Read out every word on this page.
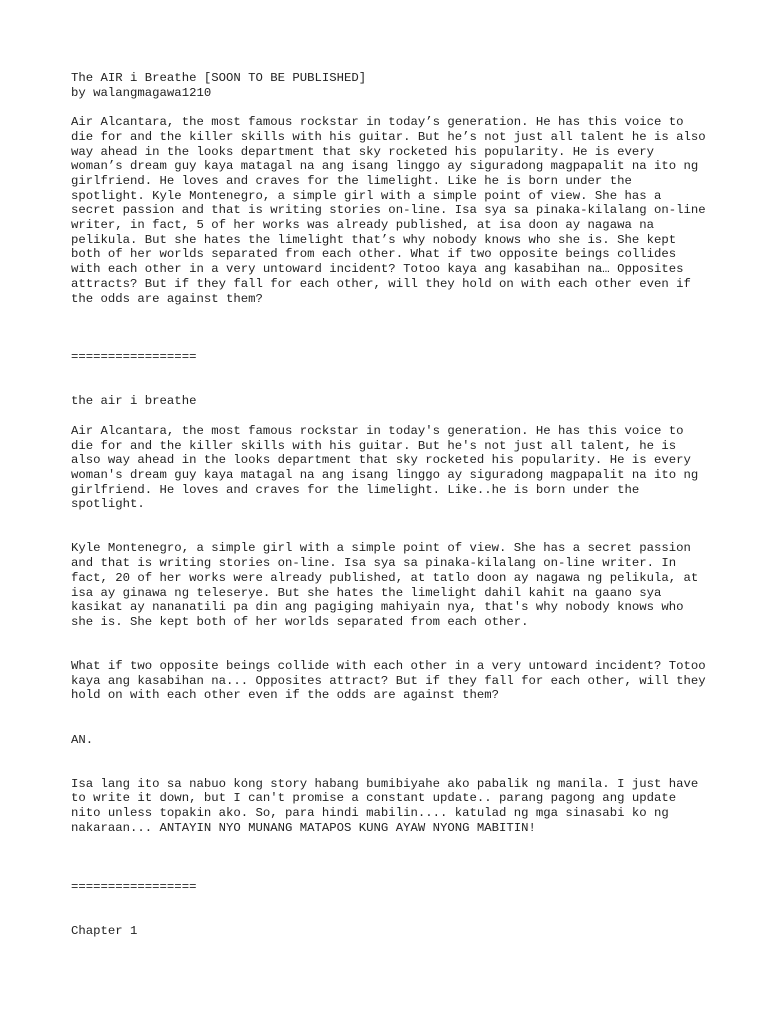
The AIR i Breathe [SOON TO BE PUBLISHED]

by walangmagawa1210

Air Alcantara, the most famous rockstar in today’s generation. He has this voice to die for and the killer skills with his guitar. But he’s not just all talent he is also way ahead in the looks department that sky rocketed his popularity. He is every woman’s dream guy kaya matagal na ang isang linggo ay siguradong magpapalit na ito ng girlfriend. He loves and craves for the limelight. Like he is born under the spotlight. Kyle Montenegro, a simple girl with a simple point of view. She has a secret passion and that is writing stories on-line. Isa sya sa pinaka-kilalang on-line writer, in fact, 5 of her works was already published, at isa doon ay nagawa na pelikula. But she hates the limelight that’s why nobody knows who she is. She kept both of her worlds separated from each other. What if two opposite beings collides with each other in a very untoward incident? Totoo kaya ang kasabihan na… Opposites attracts? But if they fall for each other, will they hold on with each other even if the odds are against them?

=================

the air i breathe

Air Alcantara, the most famous rockstar in today's generation. He has this voice to die for and the killer skills with his guitar. But he's not just all talent, he is also way ahead in the looks department that sky rocketed his popularity. He is every woman's dream guy kaya matagal na ang isang linggo ay siguradong magpapalit na ito ng girlfriend. He loves and craves for the limelight. Like..he is born under the spotlight.

Kyle Montenegro, a simple girl with a simple point of view. She has a secret passion and that is writing stories on-line. Isa sya sa pinaka-kilalang on-line writer. In fact, 20 of her works were already published, at tatlo doon ay nagawa ng pelikula, at isa ay ginawa ng teleserye. But she hates the limelight dahil kahit na gaano sya kasikat ay nananatili pa din ang pagiging mahiyain nya, that's why nobody knows who she is. She kept both of her worlds separated from each other.

What if two opposite beings collide with each other in a very untoward incident? Totoo kaya ang kasabihan na... Opposites attract? But if they fall for each other, will they hold on with each other even if the odds are against them?

AN.

Isa lang ito sa nabuo kong story habang bumibiyahe ako pabalik ng manila. I just have to write it down, but I can't promise a constant update.. parang pagong ang update nito unless topakin ako. So, para hindi mabilin.... katulad ng mga sinasabi ko ng nakaraan... ANTAYIN NYO MUNANG MATAPOS KUNG AYAW NYONG MABITIN!

=================

Chapter 1
